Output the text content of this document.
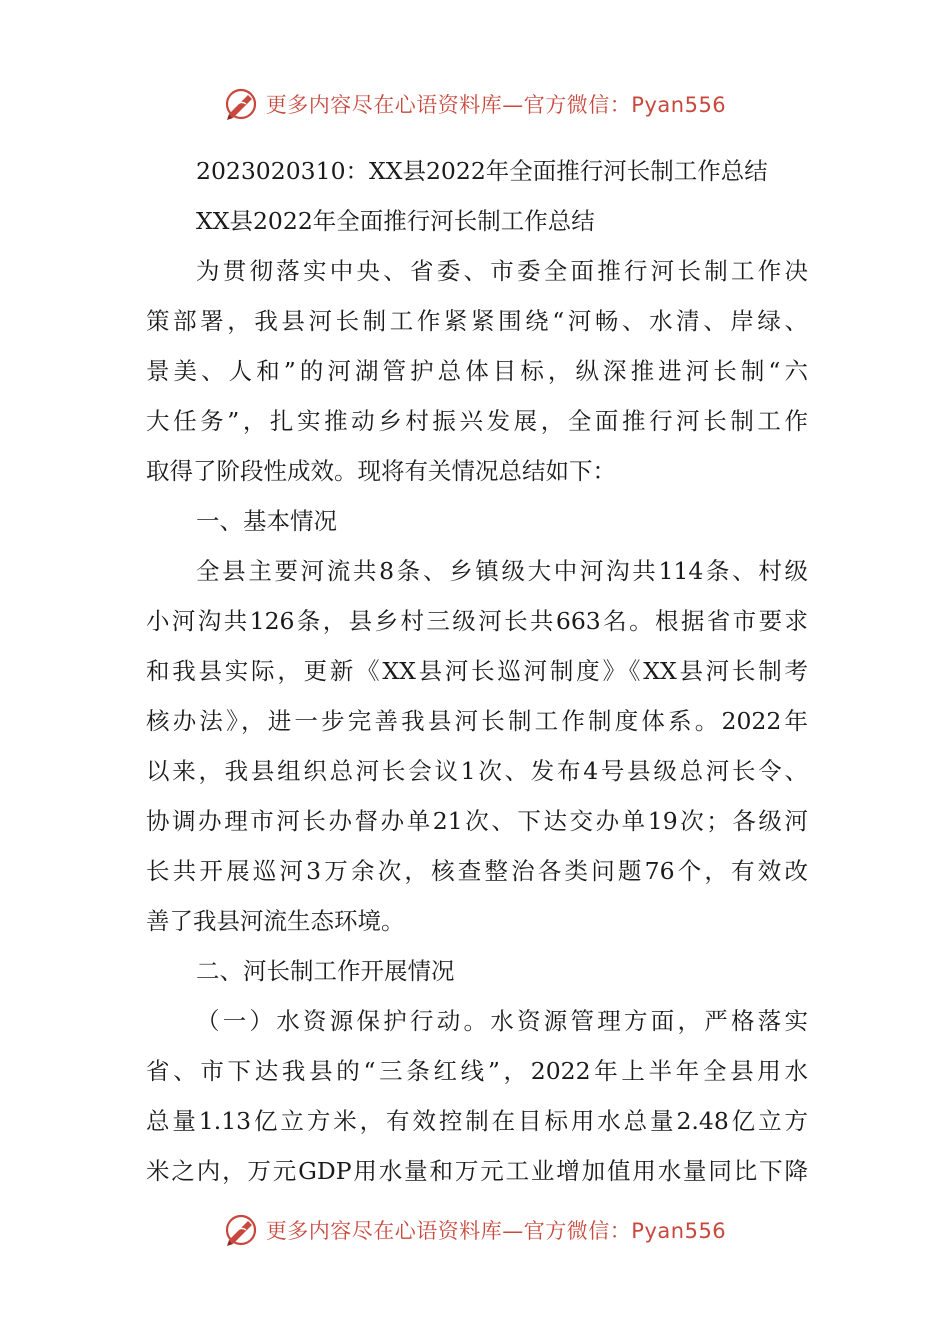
更多内容尽在心语资料库—官方微信：Pyan556
2023020310：XX县2022年全面推行河长制工作总结
XX县2022年全面推行河长制工作总结
为贯彻落实中央、省委、市委全面推行河长制工作决
策部署，我县河长制工作紧紧围绕“河畅、水清、岸绿、
景美、人和”的河湖管护总体目标，纵深推进河长制“六
大任务”，扎实推动乡村振兴发展，全面推行河长制工作
取得了阶段性成效。现将有关情况总结如下：
一、基本情况
全县主要河流共8条、乡镇级大中河沟共114条、村级
小河沟共126条，县乡村三级河长共663名。根据省市要求
和我县实际，更新《XX县河长巡河制度》《XX县河长制考
核办法》，进一步完善我县河长制工作制度体系。2022年
以来，我县组织总河长会议1次、发布4号县级总河长令、
协调办理市河长办督办单21次、下达交办单19次；各级河
长共开展巡河3万余次，核查整治各类问题76个，有效改
善了我县河流生态环境。
二、河长制工作开展情况
（一）水资源保护行动。水资源管理方面，严格落实
省、市下达我县的“三条红线”，2022年上半年全县用水
总量1.13亿立方米，有效控制在目标用水总量2.48亿立方
米之内，万元GDP用水量和万元工业增加值用水量同比下降
更多内容尽在心语资料库—官方微信：Pyan556
